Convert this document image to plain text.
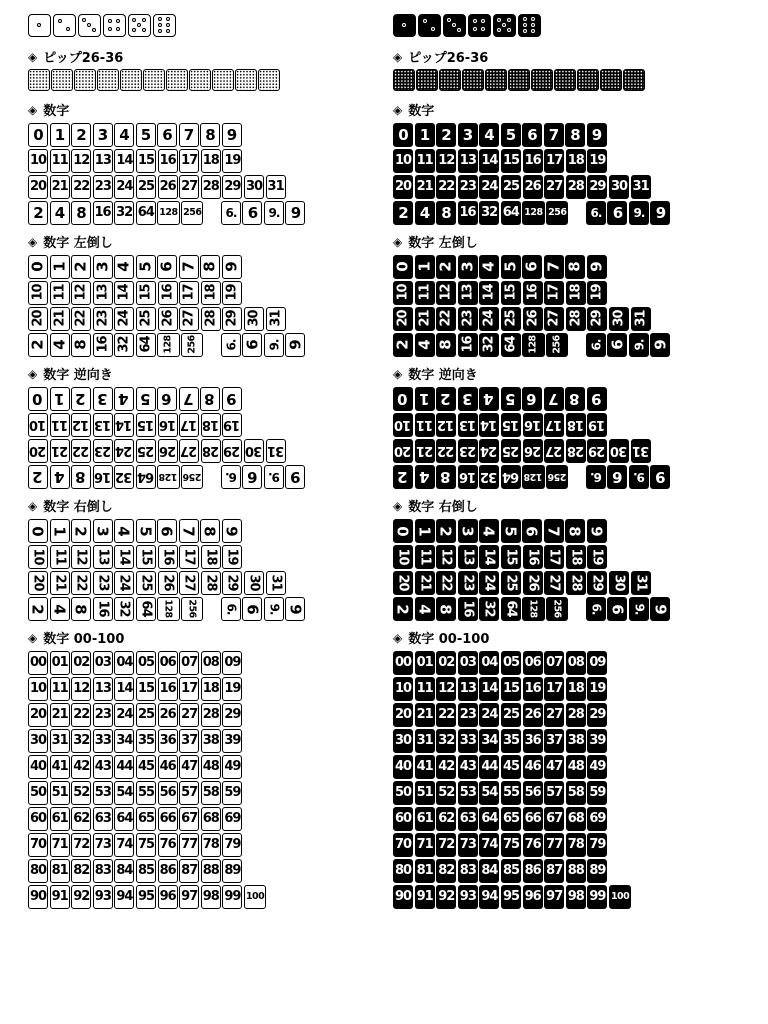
◈ ピップ26-36
◈ 数字
0 1 2 3 4 5 6 7 8 9
10 11 12 13 14 15 16 17 18 19
20 21 22 23 24 25 26 27 28 29 30 31
2 4 8 16 32 64 128 256 6. 6 9. 9
◈ 数字 左倒し
0 1 2 3 4 5 6 7 8 9
10 11 12 13 14 15 16 17 18 19
20 21 22 23 24 25 26 27 28 29 30 31
2 4 8 16 32 64 128 256 6. 6 9. 9
◈ 数字 逆向き
0 1 2 3 4 5 6 7 8 9
10 11 12 13 14 15 16 17 18 19
20 21 22 23 24 25 26 27 28 29 30 31
2 4 8 16 32 64 128 256 6. 6 9. 9
◈ 数字 右倒し
0 1 2 3 4 5 6 7 8 9
10 11 12 13 14 15 16 17 18 19
20 21 22 23 24 25 26 27 28 29 30 31
2 4 8 16 32 64 128 256 6. 6 9. 9
◈ 数字 00-100
00 01 02 03 04 05 06 07 08 09
10 11 12 13 14 15 16 17 18 19
20 21 22 23 24 25 26 27 28 29
30 31 32 33 34 35 36 37 38 39
40 41 42 43 44 45 46 47 48 49
50 51 52 53 54 55 56 57 58 59
60 61 62 63 64 65 66 67 68 69
70 71 72 73 74 75 76 77 78 79
80 81 82 83 84 85 86 87 88 89
90 91 92 93 94 95 96 97 98 99 100
◈ ピップ26-36
◈ 数字
0 1 2 3 4 5 6 7 8 9
10 11 12 13 14 15 16 17 18 19
20 21 22 23 24 25 26 27 28 29 30 31
2 4 8 16 32 64 128 256 6. 6 9. 9
◈ 数字 左倒し
0 1 2 3 4 5 6 7 8 9
10 11 12 13 14 15 16 17 18 19
20 21 22 23 24 25 26 27 28 29 30 31
2 4 8 16 32 64 128 256 6. 6 9. 9
◈ 数字 逆向き
0 1 2 3 4 5 6 7 8 9
10 11 12 13 14 15 16 17 18 19
20 21 22 23 24 25 26 27 28 29 30 31
2 4 8 16 32 64 128 256 6. 6 9. 9
◈ 数字 右倒し
0 1 2 3 4 5 6 7 8 9
10 11 12 13 14 15 16 17 18 19
20 21 22 23 24 25 26 27 28 29 30 31
2 4 8 16 32 64 128 256 6. 6 9. 9
◈ 数字 00-100
00 01 02 03 04 05 06 07 08 09
10 11 12 13 14 15 16 17 18 19
20 21 22 23 24 25 26 27 28 29
30 31 32 33 34 35 36 37 38 39
40 41 42 43 44 45 46 47 48 49
50 51 52 53 54 55 56 57 58 59
60 61 62 63 64 65 66 67 68 69
70 71 72 73 74 75 76 77 78 79
80 81 82 83 84 85 86 87 88 89
90 91 92 93 94 95 96 97 98 99 100
